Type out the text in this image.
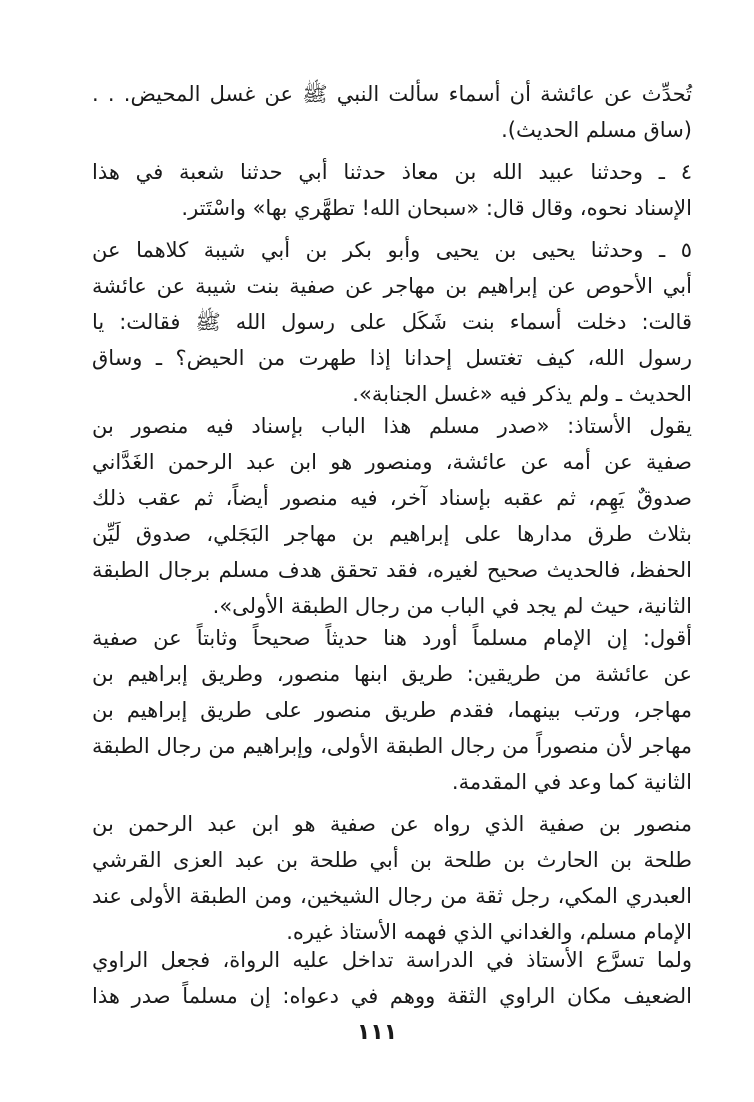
تُحدِّث عن عائشة أن أسماء سألت النبي ﷺ عن غسل المحيض. . .
(ساق مسلم الحديث).
٤ ـ وحدثنا عبيد الله بن معاذ حدثنا أبي حدثنا شعبة في هذا
الإسناد نحوه، وقال قال: «سبحان الله! تطهَّري بها» واسْتَتر.
٥ ـ وحدثنا يحيى بن يحيى وأبو بكر بن أبي شيبة كلاهما عن
أبي الأحوص عن إبراهيم بن مهاجر عن صفية بنت شيبة عن عائشة
قالت: دخلت أسماء بنت شَكَل على رسول الله ﷺ فقالت: يا
رسول الله، كيف تغتسل إحدانا إذا طهرت من الحيض؟ ـ وساق
الحديث ـ ولم يذكر فيه «غسل الجنابة».
يقول الأستاذ: «صدر مسلم هذا الباب بإسناد فيه منصور بن
صفية عن أمه عن عائشة، ومنصور هو ابن عبد الرحمن الغَدَّاني
صدوقٌ يَهِم، ثم عقبه بإسناد آخر، فيه منصور أيضاً، ثم عقب ذلك
بثلاث طرق مدارها على إبراهيم بن مهاجر البَجَلي، صدوق لَيِّن
الحفظ، فالحديث صحيح لغيره، فقد تحقق هدف مسلم برجال الطبقة
الثانية، حيث لم يجد في الباب من رجال الطبقة الأولى».
أقول: إن الإمام مسلماً أورد هنا حديثاً صحيحاً وثابتاً عن صفية
عن عائشة من طريقين: طريق ابنها منصور، وطريق إبراهيم بن
مهاجر، ورتب بينهما، فقدم طريق منصور على طريق إبراهيم بن
مهاجر لأن منصوراً من رجال الطبقة الأولى، وإبراهيم من رجال الطبقة
الثانية كما وعد في المقدمة.
منصور بن صفية الذي رواه عن صفية هو ابن عبد الرحمن بن
طلحة بن الحارث بن طلحة بن أبي طلحة بن عبد العزى القرشي
العبدري المكي، رجل ثقة من رجال الشيخين، ومن الطبقة الأولى عند
الإمام مسلم، والغداني الذي فهمه الأستاذ غيره.
ولما تسرَّع الأستاذ في الدراسة تداخل عليه الرواة، فجعل الراوي
الضعيف مكان الراوي الثقة ووهم في دعواه: إن مسلماً صدر هذا
١١١
